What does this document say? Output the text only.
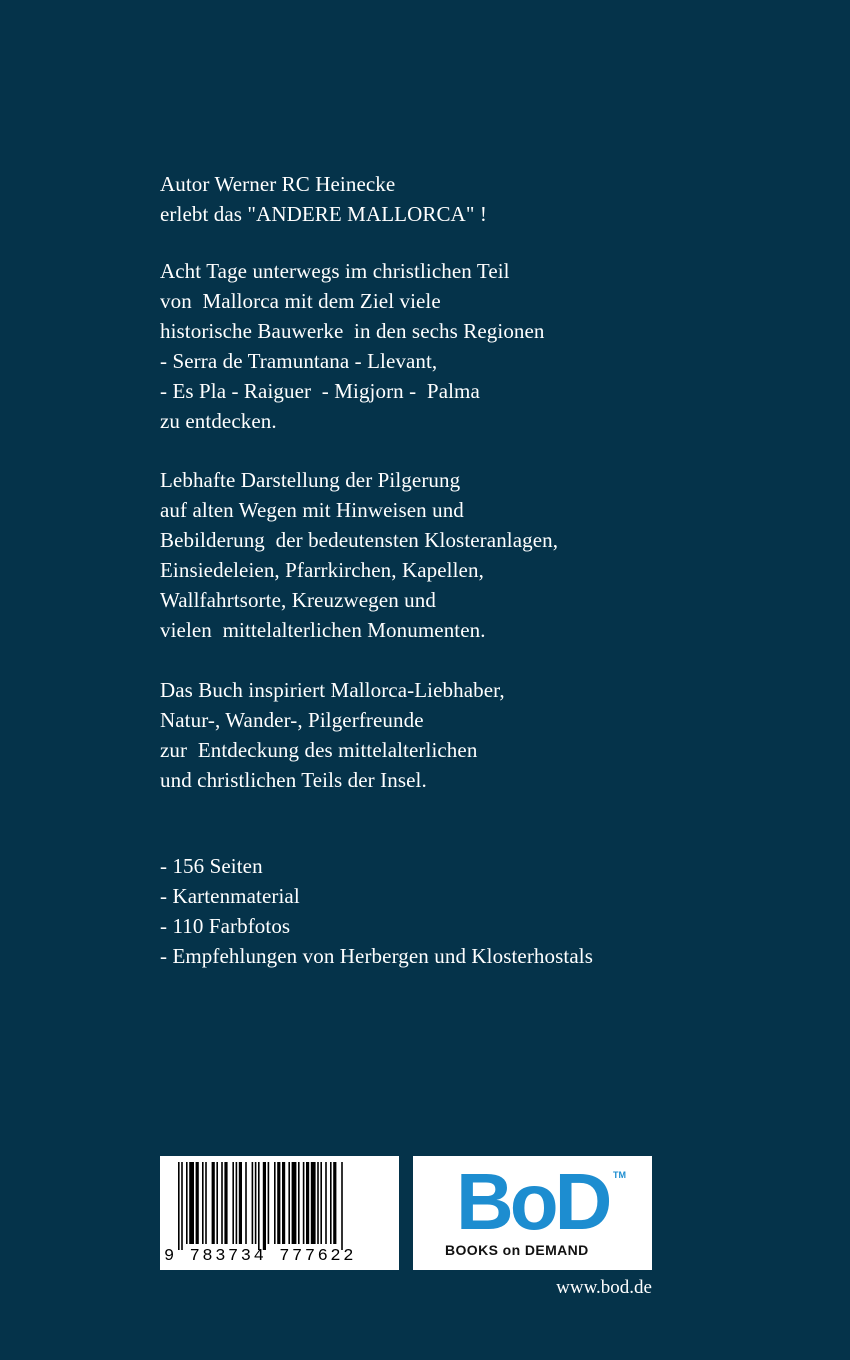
Autor Werner RC Heinecke
erlebt das "ANDERE MALLORCA" !
Acht Tage unterwegs im christlichen Teil
von  Mallorca mit dem Ziel viele
historische Bauwerke  in den sechs Regionen
- Serra de Tramuntana - Llevant,
- Es Pla - Raiguer  - Migjorn -  Palma
zu entdecken.
Lebhafte Darstellung der Pilgerung
auf alten Wegen mit Hinweisen und
Bebilderung  der bedeutensten Klosteranlagen,
Einsiedeleien, Pfarrkirchen, Kapellen,
Wallfahrtsorte, Kreuzwegen und
vielen  mittelalterlichen Monumenten.
Das Buch inspiriert Mallorca-Liebhaber,
Natur-, Wander-, Pilgerfreunde
zur  Entdeckung des mittelalterlichen
und christlichen Teils der Insel.
- 156 Seiten
- Kartenmaterial
- 110 Farbfotos
- Empfehlungen von Herbergen und Klosterhostals
9 783734 777622
BoD TM
BOOKS on DEMAND
www.bod.de
